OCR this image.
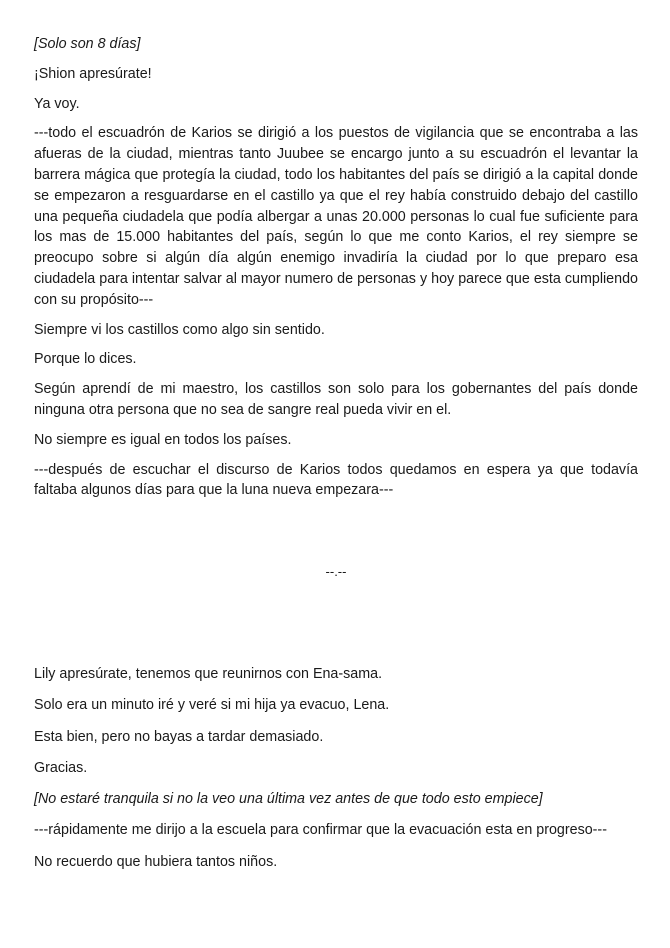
[Solo son 8 días]

¡Shion apresúrate!

Ya voy.

---todo el escuadrón de Karios se dirigió a los puestos de vigilancia que se encontraba a las afueras de la ciudad, mientras tanto Juubee se encargo junto a su escuadrón el levantar la barrera mágica que protegía la ciudad, todo los habitantes del país se dirigió a la capital donde se empezaron a resguardarse en el castillo ya que el rey había construido debajo del castillo una pequeña ciudadela que podía albergar a unas 20.000 personas lo cual fue suficiente para los mas de 15.000 habitantes del país, según lo que me conto Karios, el rey siempre se preocupo sobre si algún día algún enemigo invadiría la ciudad por lo que preparo esa ciudadela para intentar salvar al mayor numero de personas y hoy parece que esta cumpliendo con su propósito---

Siempre vi los castillos como algo sin sentido.

Porque lo dices.

Según aprendí de mi maestro, los castillos son solo para los gobernantes del país donde ninguna otra persona que no sea de sangre real pueda vivir en el.

No siempre es igual en todos los países.

---después de escuchar el discurso de Karios todos quedamos en espera ya que todavía faltaba algunos días para que la luna nueva empezara---

--.--

Lily apresúrate, tenemos que reunirnos con Ena-sama.

Solo era un minuto iré y veré si mi hija ya evacuo, Lena.

Esta bien, pero no bayas a tardar demasiado.

Gracias.

[No estaré tranquila si no la veo una última vez antes de que todo esto empiece]

---rápidamente me dirijo a la escuela para confirmar que la evacuación esta en progreso---

No recuerdo que hubiera tantos niños.
